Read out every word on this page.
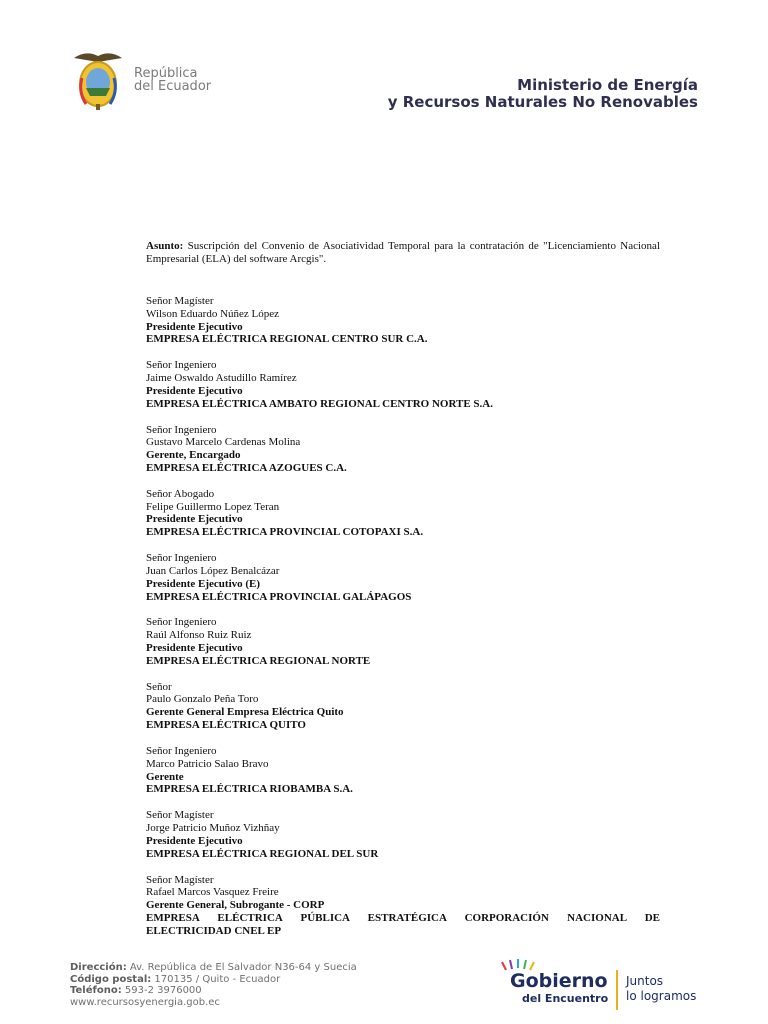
República
del Ecuador	Ministerio de Energía
y Recursos Naturales No Renovables
Asunto: Suscripción del Convenio de Asociatividad Temporal para la contratación de "Licenciamiento Nacional Empresarial (ELA) del software Arcgis".
Señor Magíster
Wilson Eduardo Núñez López
Presidente Ejecutivo
EMPRESA ELÉCTRICA REGIONAL CENTRO SUR C.A.
Señor Ingeniero
Jaime Oswaldo Astudillo Ramírez
Presidente Ejecutivo
EMPRESA ELÉCTRICA AMBATO REGIONAL CENTRO NORTE S.A.
Señor Ingeniero
Gustavo Marcelo Cardenas Molina
Gerente, Encargado
EMPRESA ELÉCTRICA AZOGUES C.A.
Señor Abogado
Felipe Guillermo Lopez Teran
Presidente Ejecutivo
EMPRESA ELÉCTRICA PROVINCIAL COTOPAXI S.A.
Señor Ingeniero
Juan Carlos López Benalcázar
Presidente Ejecutivo (E)
EMPRESA ELÉCTRICA PROVINCIAL GALÁPAGOS
Señor Ingeniero
Raúl Alfonso Ruiz Ruiz
Presidente Ejecutivo
EMPRESA ELÉCTRICA REGIONAL NORTE
Señor
Paulo Gonzalo Peña Toro
Gerente General Empresa Eléctrica Quito
EMPRESA ELÉCTRICA QUITO
Señor Ingeniero
Marco Patricio Salao Bravo
Gerente
EMPRESA ELÉCTRICA RIOBAMBA S.A.
Señor Magíster
Jorge Patricio Muñoz Vizhñay
Presidente Ejecutivo
EMPRESA ELÉCTRICA REGIONAL DEL SUR
Señor Magíster
Rafael Marcos Vasquez Freire
Gerente General, Subrogante - CORP
EMPRESA ELÉCTRICA PÚBLICA ESTRATÉGICA CORPORACIÓN NACIONAL DE
ELECTRICIDAD CNEL EP
Dirección: Av. República de El Salvador N36-64 y Suecia
Código postal: 170135 / Quito - Ecuador
Teléfono: 593-2 3976000
www.recursosyenergia.gob.ec
Gobierno
del Encuentro
Juntos
lo logramos
